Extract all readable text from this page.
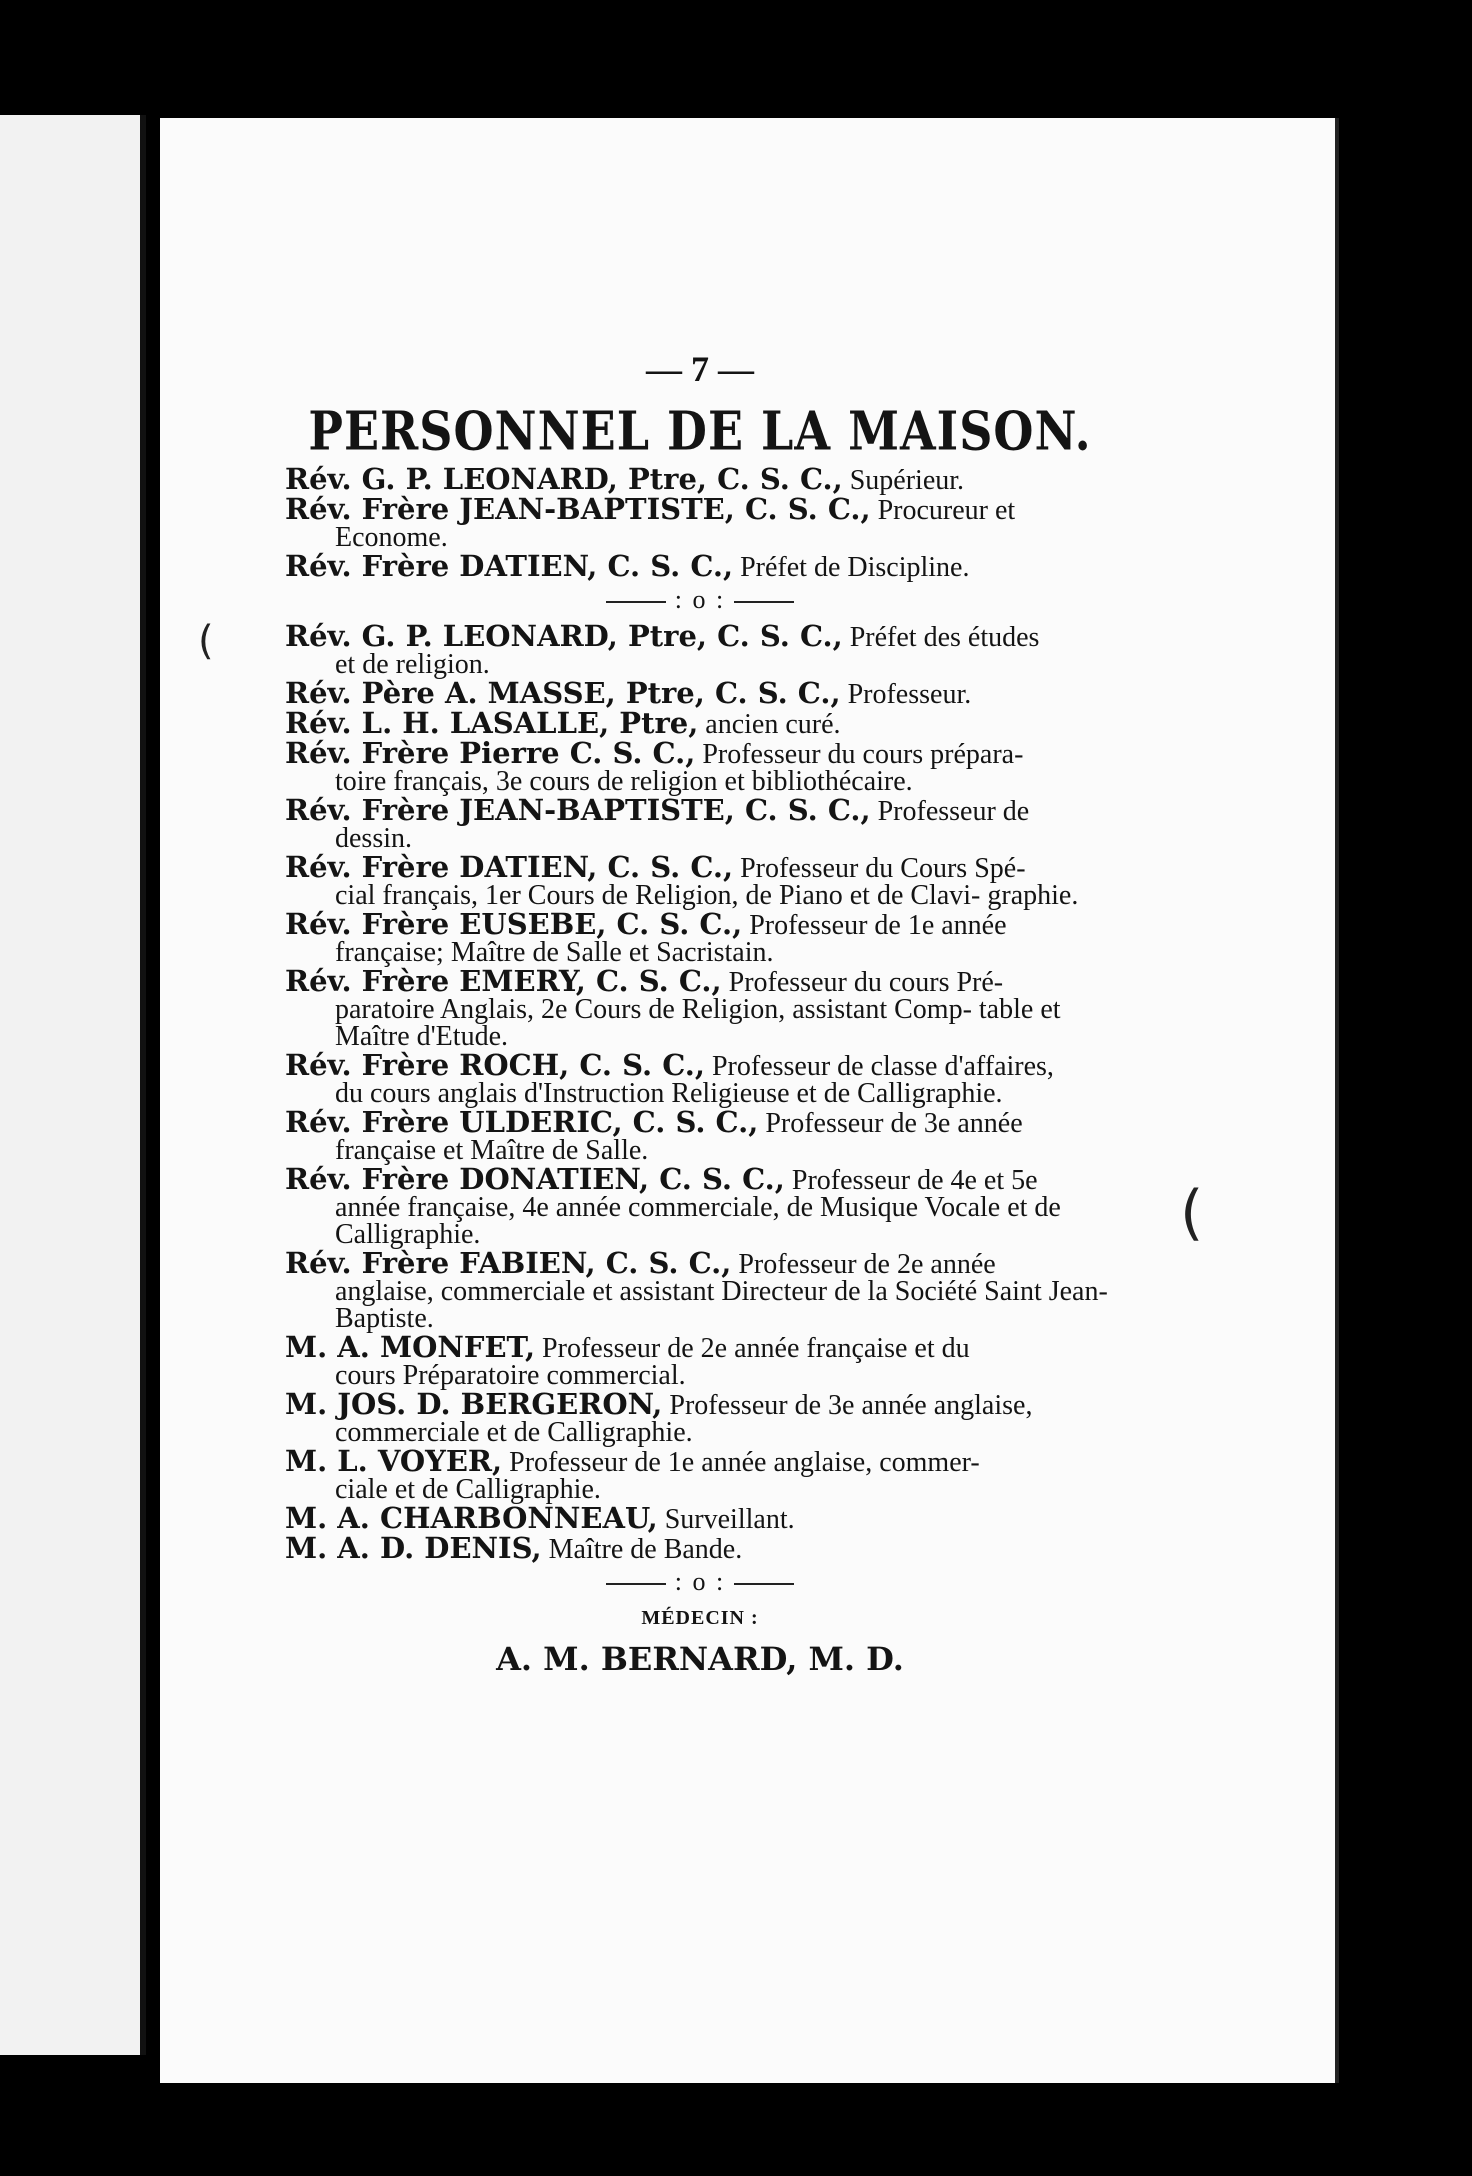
— 7 —
PERSONNEL DE LA MAISON.
Rév. G. P. LEONARD, Ptre, C. S. C., Supérieur.
Rév. Frère JEAN-BAPTISTE, C. S. C., Procureur et
Econome.
Rév. Frère DATIEN, C. S. C., Préfet de Discipline.
: o :
Rév. G. P. LEONARD, Ptre, C. S. C., Préfet des études
et de religion.
Rév. Père A. MASSE, Ptre, C. S. C., Professeur.
Rév. L. H. LASALLE, Ptre, ancien curé.
Rév. Frère Pierre C. S. C., Professeur du cours prépara-
toire français, 3e cours de religion et bibliothécaire.
Rév. Frère JEAN-BAPTISTE, C. S. C., Professeur de
dessin.
Rév. Frère DATIEN, C. S. C., Professeur du Cours Spé-
cial français, 1er Cours de Religion, de Piano et de Clavi- graphie.
Rév. Frère EUSEBE, C. S. C., Professeur de 1e année
française; Maître de Salle et Sacristain.
Rév. Frère EMERY, C. S. C., Professeur du cours Pré-
paratoire Anglais, 2e Cours de Religion, assistant Comp- table et Maître d'Etude.
Rév. Frère ROCH, C. S. C., Professeur de classe d'affaires,
du cours anglais d'Instruction Religieuse et de Calligraphie.
Rév. Frère ULDERIC, C. S. C., Professeur de 3e année
française et Maître de Salle.
Rév. Frère DONATIEN, C. S. C., Professeur de 4e et 5e
année française, 4e année commerciale, de Musique Vocale et de Calligraphie.
Rév. Frère FABIEN, C. S. C., Professeur de 2e année
anglaise, commerciale et assistant Directeur de la Société Saint Jean-Baptiste.
M. A. MONFET, Professeur de 2e année française et du
cours Préparatoire commercial.
M. JOS. D. BERGERON, Professeur de 3e année anglaise,
commerciale et de Calligraphie.
M. L. VOYER, Professeur de 1e année anglaise, commer-
ciale et de Calligraphie.
M. A. CHARBONNEAU, Surveillant.
M. A. D. DENIS, Maître de Bande.
: o :
MÉDECIN :
A. M. BERNARD, M. D.
(
(
